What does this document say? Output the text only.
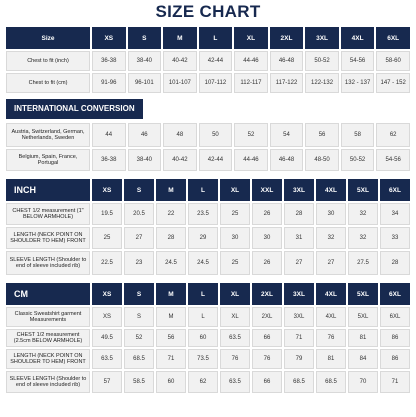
SIZE CHART
Size	XS	S	M	L	XL	2XL	3XL	4XL	6XL
Chest to fit (inch)	36-38	38-40	40-42	42-44	44-46	46-48	50-52	54-56	58-60
Chest to fit (cm)	91-96	96-101	101-107	107-112	112-117	117-122	122-132	132 - 137	147 - 152
INTERNATIONAL CONVERSION
Austria, Switzerland, German, Netherlands, Sweden	44	46	48	50	52	54	56	58	62
Belgium, Spain, France, Portugal	36-38	38-40	40-42	42-44	44-46	46-48	48-50	50-52	54-56
INCH	XS	S	M	L	XL	XXL	3XL	4XL	5XL	6XL
CHEST 1/2 measurement (1" BELOW ARMHOLE)	19.5	20.5	22	23.5	25	26	28	30	32	34
LENGTH (NECK POINT ON SHOULDER TO HEM) FRONT	25	27	28	29	30	30	31	32	32	33
SLEEVE LENGTH (Shoulder to end of sleeve included rib)	22.5	23	24.5	24.5	25	26	27	27	27.5	28
CM	XS	S	M	L	XL	2XL	3XL	4XL	5XL	6XL
Classic Sweatshirt garment Measurements	XS	S	M	L	XL	2XL	3XL	4XL	5XL	6XL
CHEST 1/2 measurement (2.5cm BELOW ARMHOLE)	49.5	52	56	60	63.5	66	71	76	81	86
LENGTH (NECK POINT ON SHOULDER TO HEM) FRONT	63.5	68.5	71	73.5	76	76	79	81	84	86
SLEEVE LENGTH (Shoulder to end of sleeve included rib)	57	58.5	60	62	63.5	66	68.5	68.5	70	71
